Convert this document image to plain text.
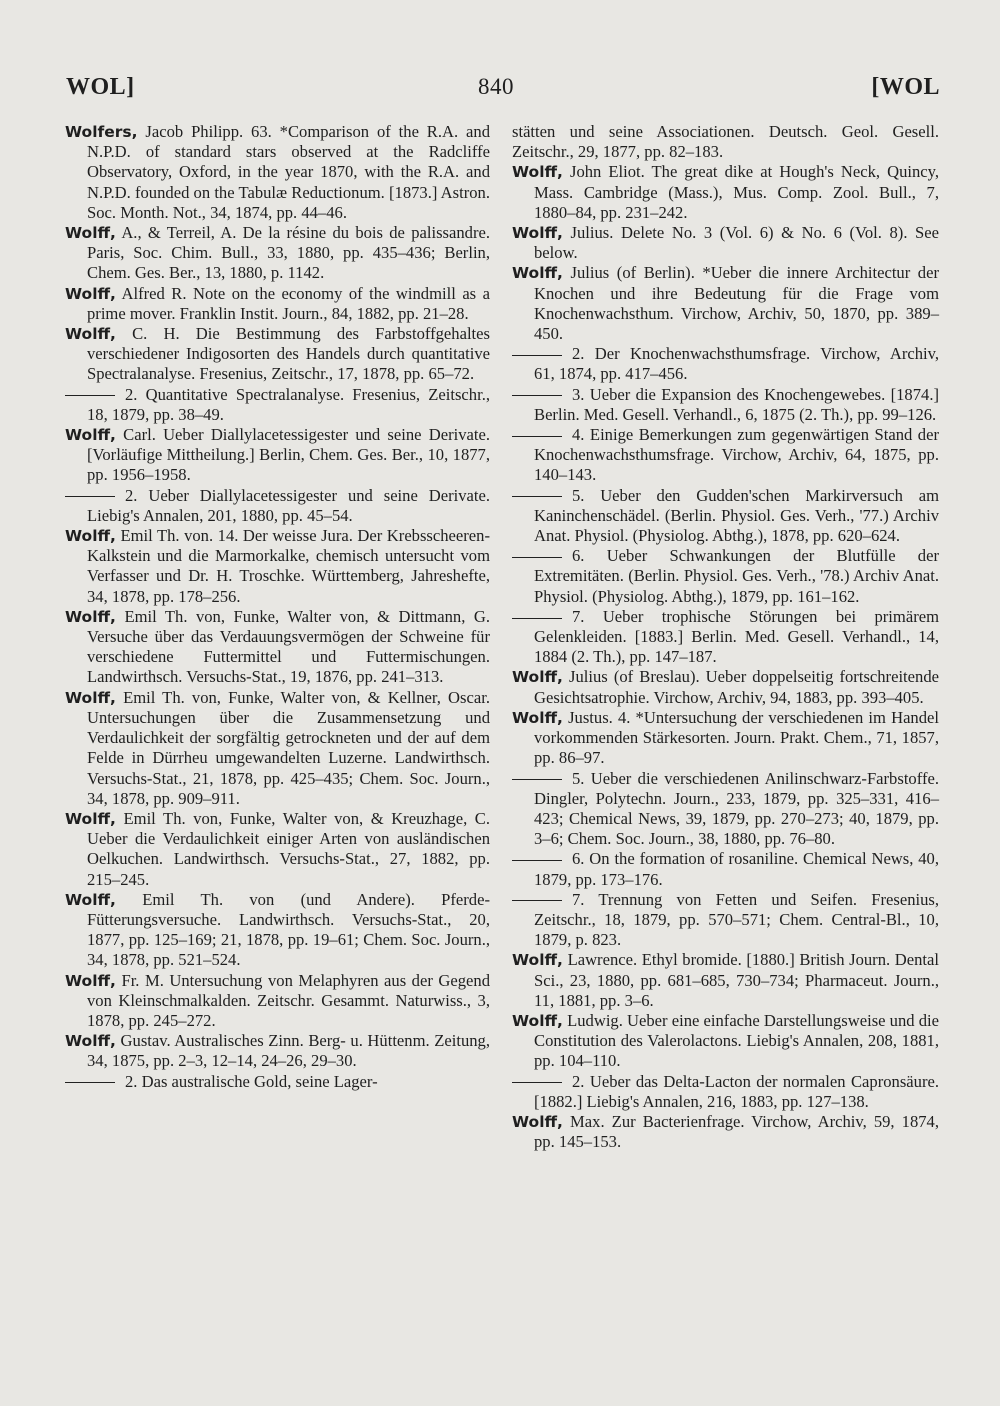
WOL]	840	[WOL

Wolfers, Jacob Philipp. 63. *Comparison of the R.A. and N.P.D. of standard stars observed at the Radcliffe Observatory, Oxford, in the year 1870, with the R.A. and N.P.D. founded on the Tabulæ Reductionum. [1873.] Astron. Soc. Month. Not., 34, 1874, pp. 44–46.

Wolff, A., & Terreil, A. De la résine du bois de palissandre. Paris, Soc. Chim. Bull., 33, 1880, pp. 435–436; Berlin, Chem. Ges. Ber., 13, 1880, p. 1142.

Wolff, Alfred R. Note on the economy of the windmill as a prime mover. Franklin Instit. Journ., 84, 1882, pp. 21–28.

Wolff, C. H. Die Bestimmung des Farbstoffgehaltes verschiedener Indigosorten des Handels durch quantitative Spectralanalyse. Fresenius, Zeitschr., 17, 1878, pp. 65–72.

2. Quantitative Spectralanalyse. Fresenius, Zeitschr., 18, 1879, pp. 38–49.

Wolff, Carl. Ueber Diallylacetessigester und seine Derivate. [Vorläufige Mittheilung.] Berlin, Chem. Ges. Ber., 10, 1877, pp. 1956–1958.

2. Ueber Diallylacetessigester und seine Derivate. Liebig's Annalen, 201, 1880, pp. 45–54.

Wolff, Emil Th. von. 14. Der weisse Jura. Der Krebsscheeren-Kalkstein und die Marmorkalke, chemisch untersucht vom Verfasser und Dr. H. Troschke. Württemberg, Jahreshefte, 34, 1878, pp. 178–256.

Wolff, Emil Th. von, Funke, Walter von, & Dittmann, G. Versuche über das Verdauungsvermögen der Schweine für verschiedene Futtermittel und Futtermischungen. Landwirthsch. Versuchs-Stat., 19, 1876, pp. 241–313.

Wolff, Emil Th. von, Funke, Walter von, & Kellner, Oscar. Untersuchungen über die Zusammensetzung und Verdaulichkeit der sorgfältig getrockneten und der auf dem Felde in Dürrheu umgewandelten Luzerne. Landwirthsch. Versuchs-Stat., 21, 1878, pp. 425–435; Chem. Soc. Journ., 34, 1878, pp. 909–911.

Wolff, Emil Th. von, Funke, Walter von, & Kreuzhage, C. Ueber die Verdaulichkeit einiger Arten von ausländischen Oelkuchen. Landwirthsch. Versuchs-Stat., 27, 1882, pp. 215–245.

Wolff, Emil Th. von (und Andere). Pferde-Fütterungsversuche. Landwirthsch. Versuchs-Stat., 20, 1877, pp. 125–169; 21, 1878, pp. 19–61; Chem. Soc. Journ., 34, 1878, pp. 521–524.

Wolff, Fr. M. Untersuchung von Melaphyren aus der Gegend von Kleinschmalkalden. Zeitschr. Gesammt. Naturwiss., 3, 1878, pp. 245–272.

Wolff, Gustav. Australisches Zinn. Berg- u. Hüttenm. Zeitung, 34, 1875, pp. 2–3, 12–14, 24–26, 29–30.

2. Das australische Gold, seine Lager-

stätten und seine Associationen. Deutsch. Geol. Gesell. Zeitschr., 29, 1877, pp. 82–183.

Wolff, John Eliot. The great dike at Hough's Neck, Quincy, Mass. Cambridge (Mass.), Mus. Comp. Zool. Bull., 7, 1880–84, pp. 231–242.

Wolff, Julius. Delete No. 3 (Vol. 6) & No. 6 (Vol. 8). See below.

Wolff, Julius (of Berlin). *Ueber die innere Architectur der Knochen und ihre Bedeutung für die Frage vom Knochenwachsthum. Virchow, Archiv, 50, 1870, pp. 389–450.

2. Der Knochenwachsthumsfrage. Virchow, Archiv, 61, 1874, pp. 417–456.

3. Ueber die Expansion des Knochengewebes. [1874.] Berlin. Med. Gesell. Verhandl., 6, 1875 (2. Th.), pp. 99–126.

4. Einige Bemerkungen zum gegenwärtigen Stand der Knochenwachsthumsfrage. Virchow, Archiv, 64, 1875, pp. 140–143.

5. Ueber den Gudden'schen Markirversuch am Kaninchenschädel. (Berlin. Physiol. Ges. Verh., '77.) Archiv Anat. Physiol. (Physiolog. Abthg.), 1878, pp. 620–624.

6. Ueber Schwankungen der Blutfülle der Extremitäten. (Berlin. Physiol. Ges. Verh., '78.) Archiv Anat. Physiol. (Physiolog. Abthg.), 1879, pp. 161–162.

7. Ueber trophische Störungen bei primärem Gelenkleiden. [1883.] Berlin. Med. Gesell. Verhandl., 14, 1884 (2. Th.), pp. 147–187.

Wolff, Julius (of Breslau). Ueber doppelseitig fortschreitende Gesichtsatrophie. Virchow, Archiv, 94, 1883, pp. 393–405.

Wolff, Justus. 4. *Untersuchung der verschiedenen im Handel vorkommenden Stärkesorten. Journ. Prakt. Chem., 71, 1857, pp. 86–97.

5. Ueber die verschiedenen Anilinschwarz-Farbstoffe. Dingler, Polytechn. Journ., 233, 1879, pp. 325–331, 416–423; Chemical News, 39, 1879, pp. 270–273; 40, 1879, pp. 3–6; Chem. Soc. Journ., 38, 1880, pp. 76–80.

6. On the formation of rosaniline. Chemical News, 40, 1879, pp. 173–176.

7. Trennung von Fetten und Seifen. Fresenius, Zeitschr., 18, 1879, pp. 570–571; Chem. Central-Bl., 10, 1879, p. 823.

Wolff, Lawrence. Ethyl bromide. [1880.] British Journ. Dental Sci., 23, 1880, pp. 681–685, 730–734; Pharmaceut. Journ., 11, 1881, pp. 3–6.

Wolff, Ludwig. Ueber eine einfache Darstellungsweise und die Constitution des Valerolactons. Liebig's Annalen, 208, 1881, pp. 104–110.

2. Ueber das Delta-Lacton der normalen Capronsäure. [1882.] Liebig's Annalen, 216, 1883, pp. 127–138.

Wolff, Max. Zur Bacterienfrage. Virchow, Archiv, 59, 1874, pp. 145–153.
